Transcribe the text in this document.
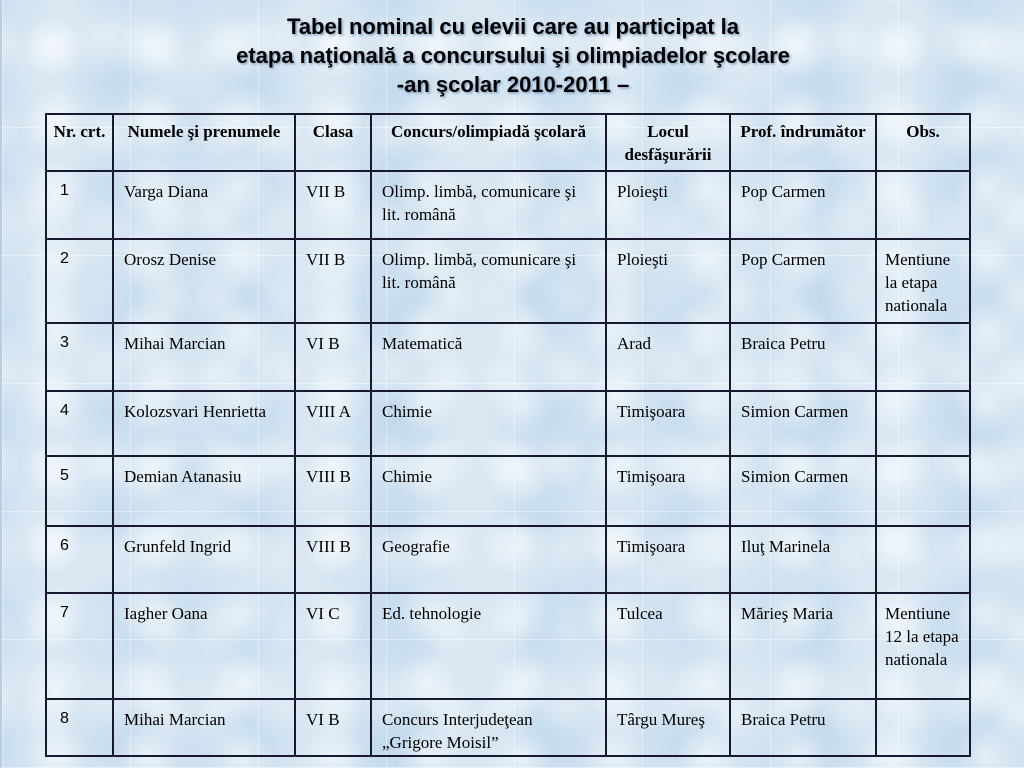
Tabel nominal cu elevii care au participat la
etapa naţională a concursului şi olimpiadelor şcolare
-an şcolar 2010-2011 –
Nr. crt.	Numele şi prenumele	Clasa	Concurs/olimpiadă şcolară	Locul desfăşurării	Prof. îndrumător	Obs.
1	Varga Diana	VII B	Olimp. limbă, comunicare şi lit. română	Ploieşti	Pop Carmen	
2	Orosz Denise	VII B	Olimp. limbă, comunicare şi lit. română	Ploieşti	Pop Carmen	Mentiune la etapa nationala
3	Mihai Marcian	VI B	Matematică	Arad	Braica Petru	
4	Kolozsvari Henrietta	VIII A	Chimie	Timişoara	Simion Carmen	
5	Demian Atanasiu	VIII B	Chimie	Timişoara	Simion Carmen	
6	Grunfeld Ingrid	VIII B	Geografie	Timişoara	Iluţ Marinela	
7	Iagher Oana	VI C	Ed. tehnologie	Tulcea	Mărieş Maria	Mentiune 12 la etapa nationala
8	Mihai Marcian	VI B	Concurs Interjudeţean „Grigore Moisil”	Târgu Mureş	Braica Petru	
